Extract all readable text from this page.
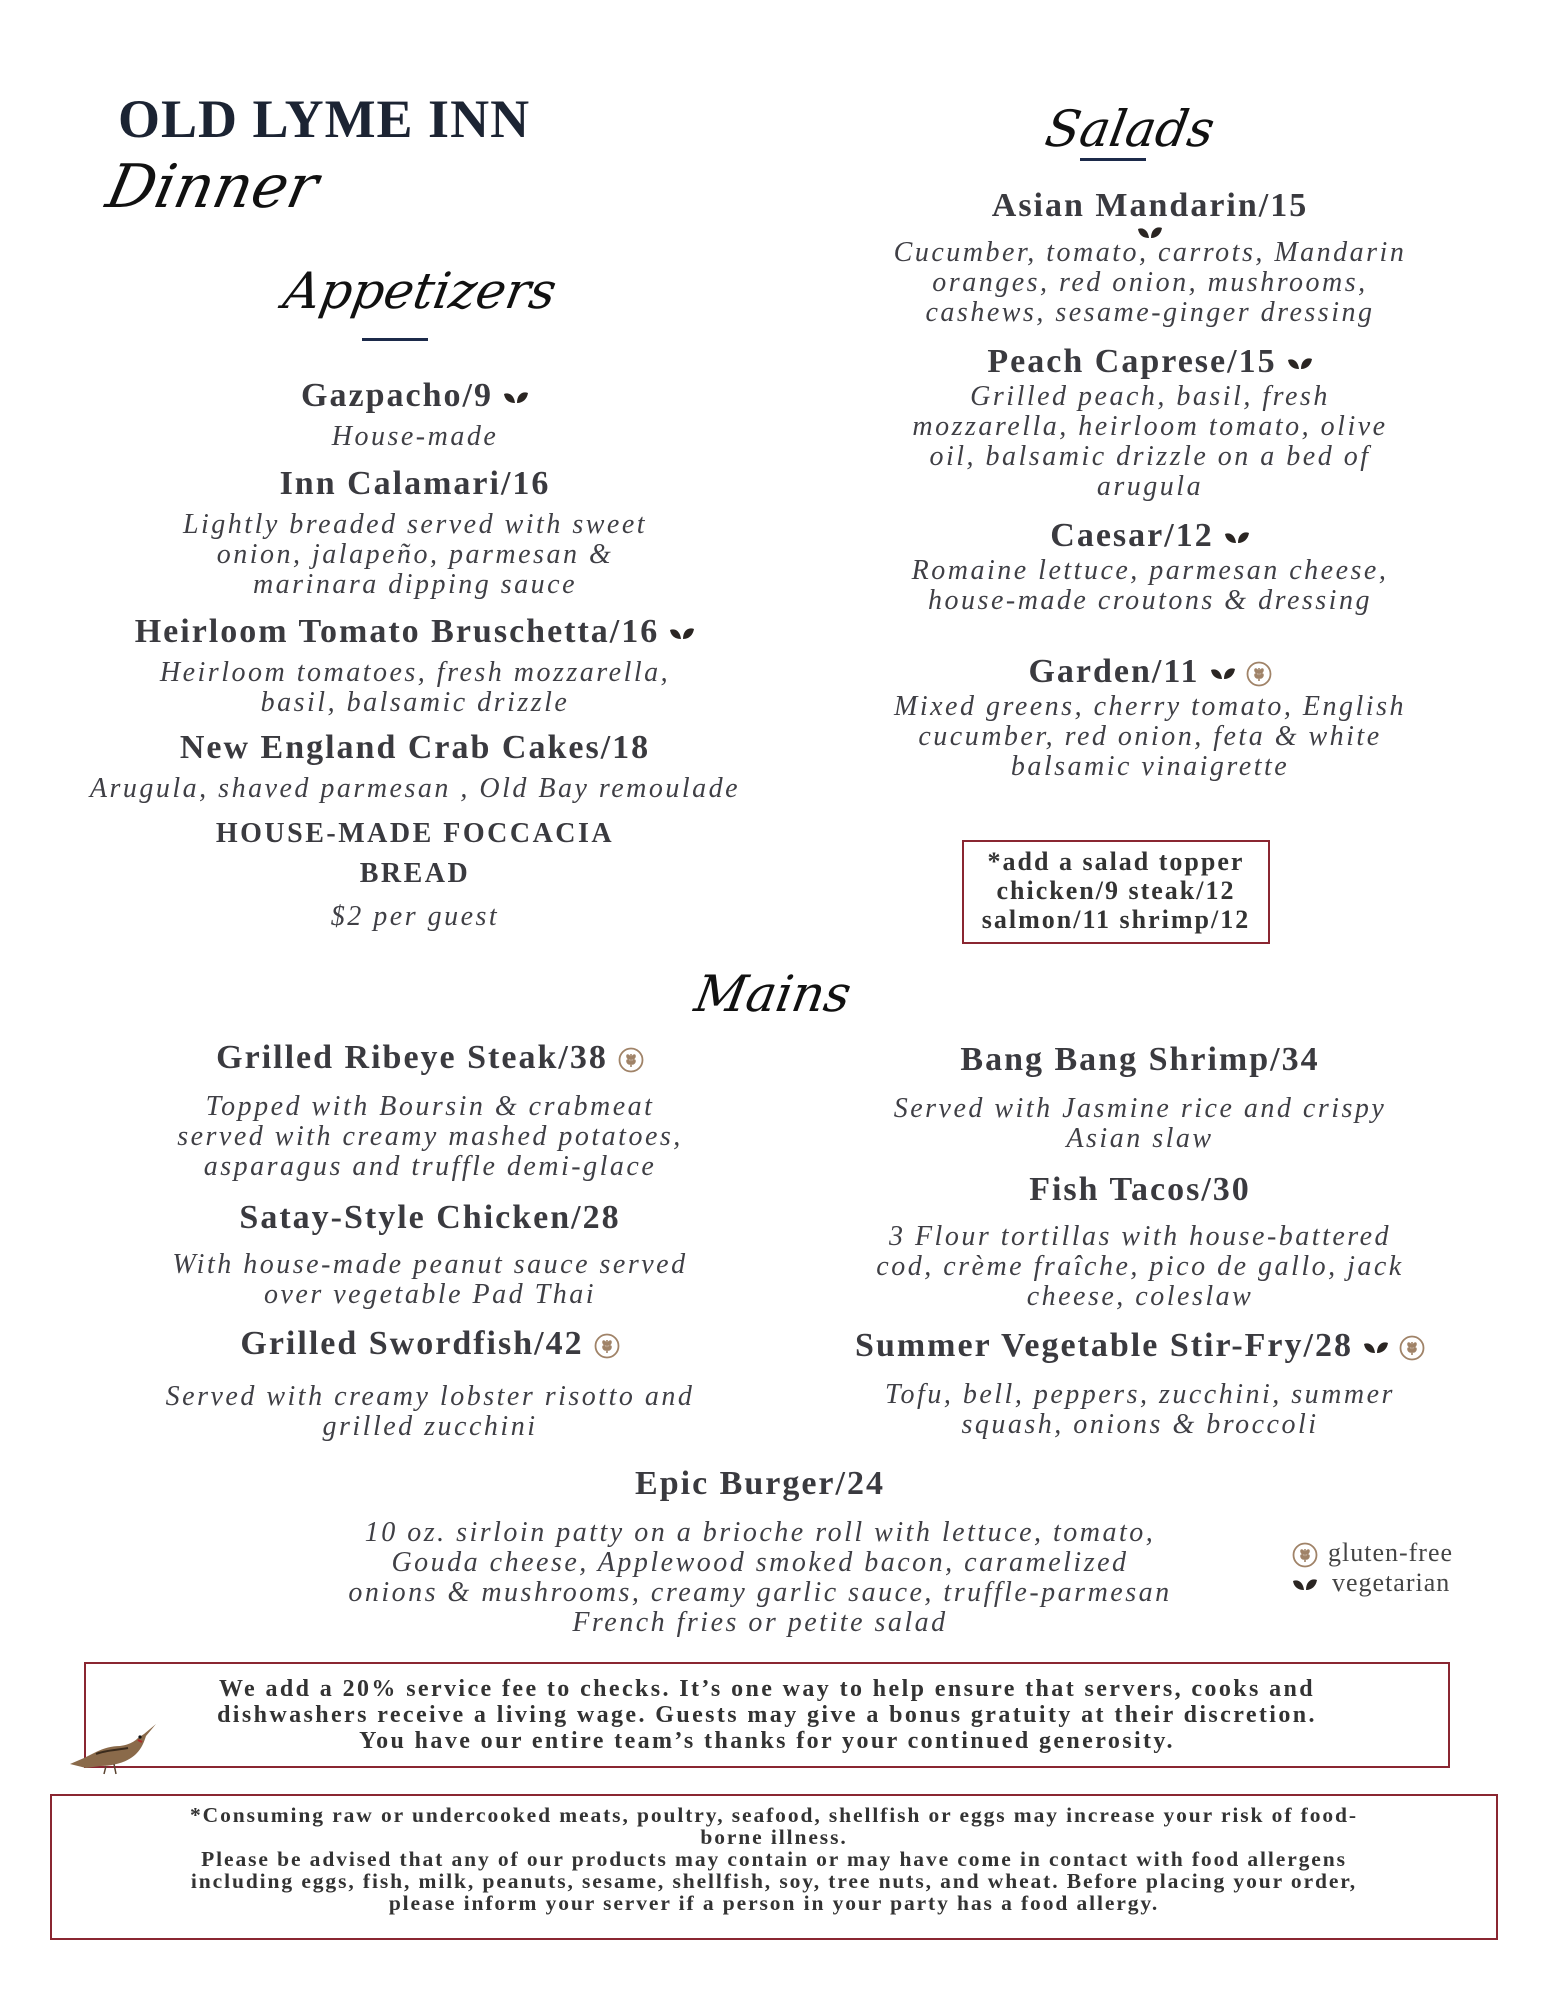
OLD LYME INN
Dinner
Appetizers
Salads
Mains
Gazpacho/9
House-made
Inn Calamari/16
Lightly breaded served with sweet
onion, jalapeño, parmesan &
marinara dipping sauce
Heirloom Tomato Bruschetta/16
Heirloom tomatoes, fresh mozzarella,
basil, balsamic drizzle
New England Crab Cakes/18
Arugula, shaved parmesan , Old Bay remoulade
HOUSE-MADE FOCCACIA
BREAD
$2 per guest
Asian Mandarin/15
Cucumber, tomato, carrots, Mandarin
oranges, red onion, mushrooms,
cashews, sesame-ginger dressing
Peach Caprese/15
Grilled peach, basil, fresh
mozzarella, heirloom tomato, olive
oil, balsamic drizzle on a bed of
arugula
Caesar/12
Romaine lettuce, parmesan cheese,
house-made croutons & dressing
Garden/11
Mixed greens, cherry tomato, English
cucumber, red onion, feta & white
balsamic vinaigrette
*add a salad topper
chicken/9 steak/12
salmon/11 shrimp/12
Grilled Ribeye Steak/38
Topped with Boursin & crabmeat
served with creamy mashed potatoes,
asparagus and truffle demi-glace
Satay-Style Chicken/28
With house-made peanut sauce served
over vegetable Pad Thai
Grilled Swordfish/42
Served with creamy lobster risotto and
grilled zucchini
Bang Bang Shrimp/34
Served with Jasmine rice and crispy
Asian slaw
Fish Tacos/30
3 Flour tortillas with house-battered
cod, crème fraîche, pico de gallo, jack
cheese, coleslaw
Summer Vegetable Stir-Fry/28
Tofu, bell, peppers, zucchini, summer
squash, onions & broccoli
Epic Burger/24
10 oz. sirloin patty on a brioche roll with lettuce, tomato,
Gouda cheese, Applewood smoked bacon, caramelized
onions & mushrooms, creamy garlic sauce, truffle-parmesan
French fries or petite salad
gluten-free
vegetarian
We add a 20% service fee to checks. It’s one way to help ensure that servers, cooks and
dishwashers receive a living wage. Guests may give a bonus gratuity at their discretion.
You have our entire team’s thanks for your continued generosity.
*Consuming raw or undercooked meats, poultry, seafood, shellfish or eggs may increase your risk of food-
borne illness.
Please be advised that any of our products may contain or may have come in contact with food allergens
including eggs, fish, milk, peanuts, sesame, shellfish, soy, tree nuts, and wheat. Before placing your order,
please inform your server if a person in your party has a food allergy.
